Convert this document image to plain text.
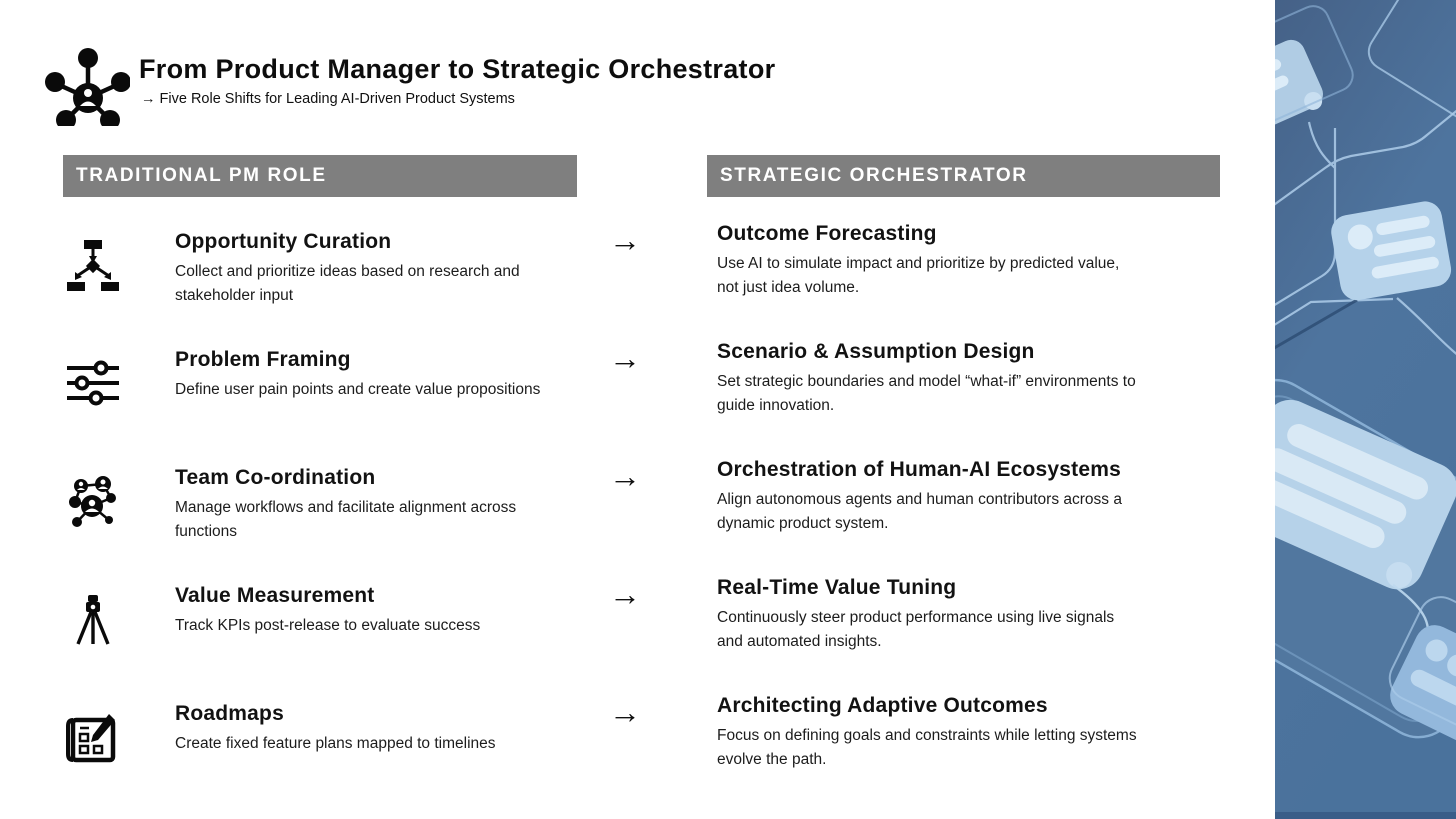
From Product Manager to Strategic Orchestrator
→ Five Role Shifts for Leading AI-Driven Product Systems
TRADITIONAL PM ROLE	STRATEGIC ORCHESTRATOR
Opportunity Curation
Collect and prioritize ideas based on research and stakeholder input
→	Outcome Forecasting
Use AI to simulate impact and prioritize by predicted value, not just idea volume.
Problem Framing
Define user pain points and create value propositions
→	Scenario & Assumption Design
Set strategic boundaries and model “what-if” environments to guide innovation.
Team Co-ordination
Manage workflows and facilitate alignment across functions
→	Orchestration of Human-AI Ecosystems
Align autonomous agents and human contributors across a dynamic product system.
Value Measurement
Track KPIs post-release to evaluate success
→	Real-Time Value Tuning
Continuously steer product performance using live signals and automated insights.
Roadmaps
Create fixed feature plans mapped to timelines
→	Architecting Adaptive Outcomes
Focus on defining goals and constraints while letting systems evolve the path.
